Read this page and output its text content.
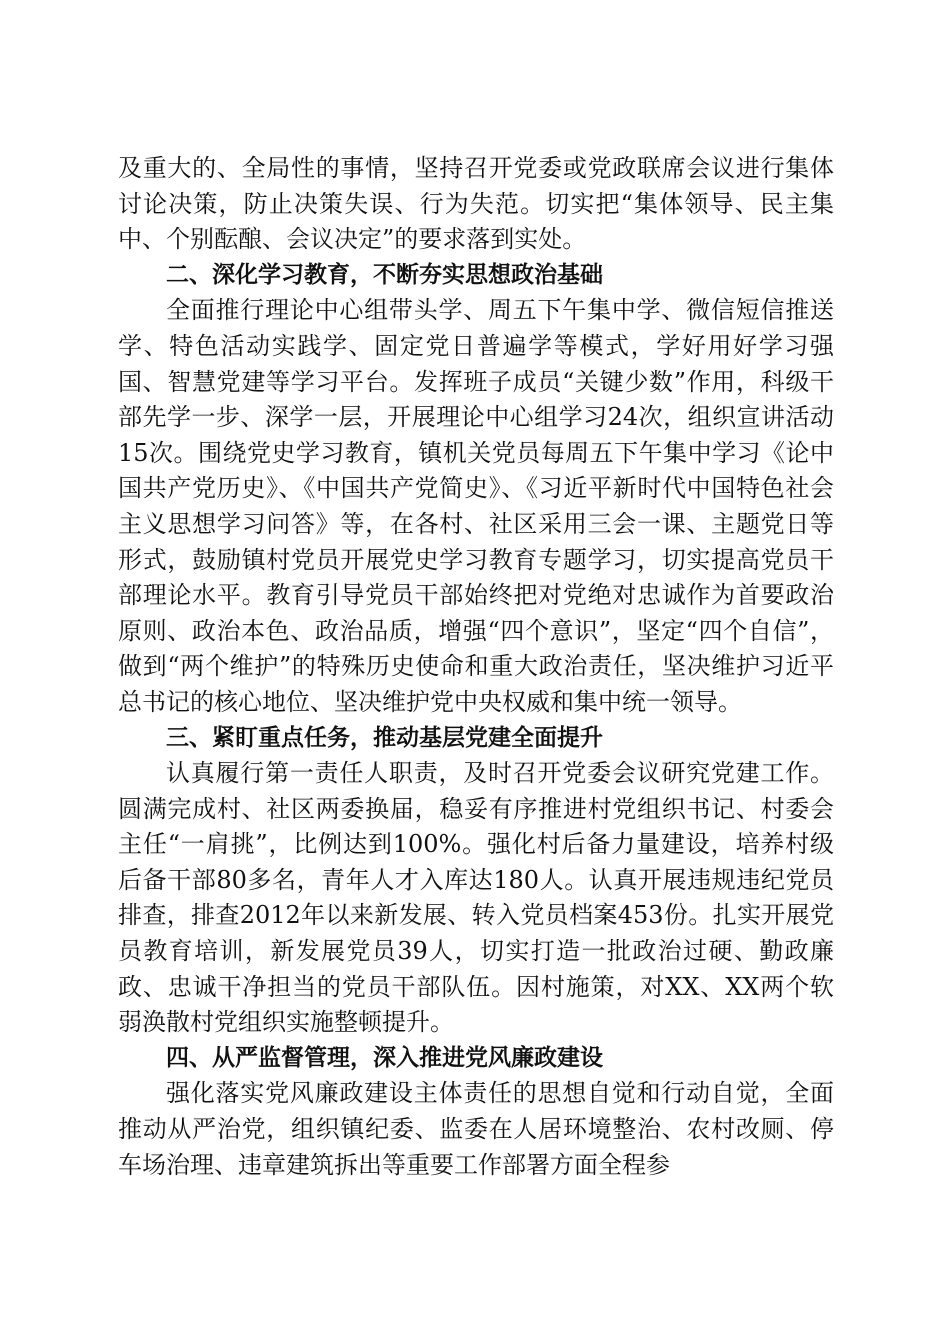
及重大的、全局性的事情，坚持召开党委或党政联席会议进行集体讨论决策，防止决策失误、行为失范。切实把“集体领导、民主集中、个别酝酿、会议决定”的要求落到实处。

二、深化学习教育，不断夯实思想政治基础

全面推行理论中心组带头学、周五下午集中学、微信短信推送学、特色活动实践学、固定党日普遍学等模式，学好用好学习强国、智慧党建等学习平台。发挥班子成员“关键少数”作用，科级干部先学一步、深学一层，开展理论中心组学习24次，组织宣讲活动15次。围绕党史学习教育，镇机关党员每周五下午集中学习《论中国共产党历史》、《中国共产党简史》、《习近平新时代中国特色社会主义思想学习问答》等，在各村、社区采用三会一课、主题党日等形式，鼓励镇村党员开展党史学习教育专题学习，切实提高党员干部理论水平。教育引导党员干部始终把对党绝对忠诚作为首要政治原则、政治本色、政治品质，增强“四个意识”，坚定“四个自信”，做到“两个维护”的特殊历史使命和重大政治责任，坚决维护习近平总书记的核心地位、坚决维护党中央权威和集中统一领导。

三、紧盯重点任务，推动基层党建全面提升

认真履行第一责任人职责，及时召开党委会议研究党建工作。圆满完成村、社区两委换届，稳妥有序推进村党组织书记、村委会主任“一肩挑”，比例达到100%。强化村后备力量建设，培养村级后备干部80多名，青年人才入库达180人。认真开展违规违纪党员排查，排查2012年以来新发展、转入党员档案453份。扎实开展党员教育培训，新发展党员39人，切实打造一批政治过硬、勤政廉政、忠诚干净担当的党员干部队伍。因村施策，对XX、XX两个软弱涣散村党组织实施整顿提升。

四、从严监督管理，深入推进党风廉政建设

强化落实党风廉政建设主体责任的思想自觉和行动自觉，全面推动从严治党，组织镇纪委、监委在人居环境整治、农村改厕、停车场治理、违章建筑拆出等重要工作部署方面全程参
